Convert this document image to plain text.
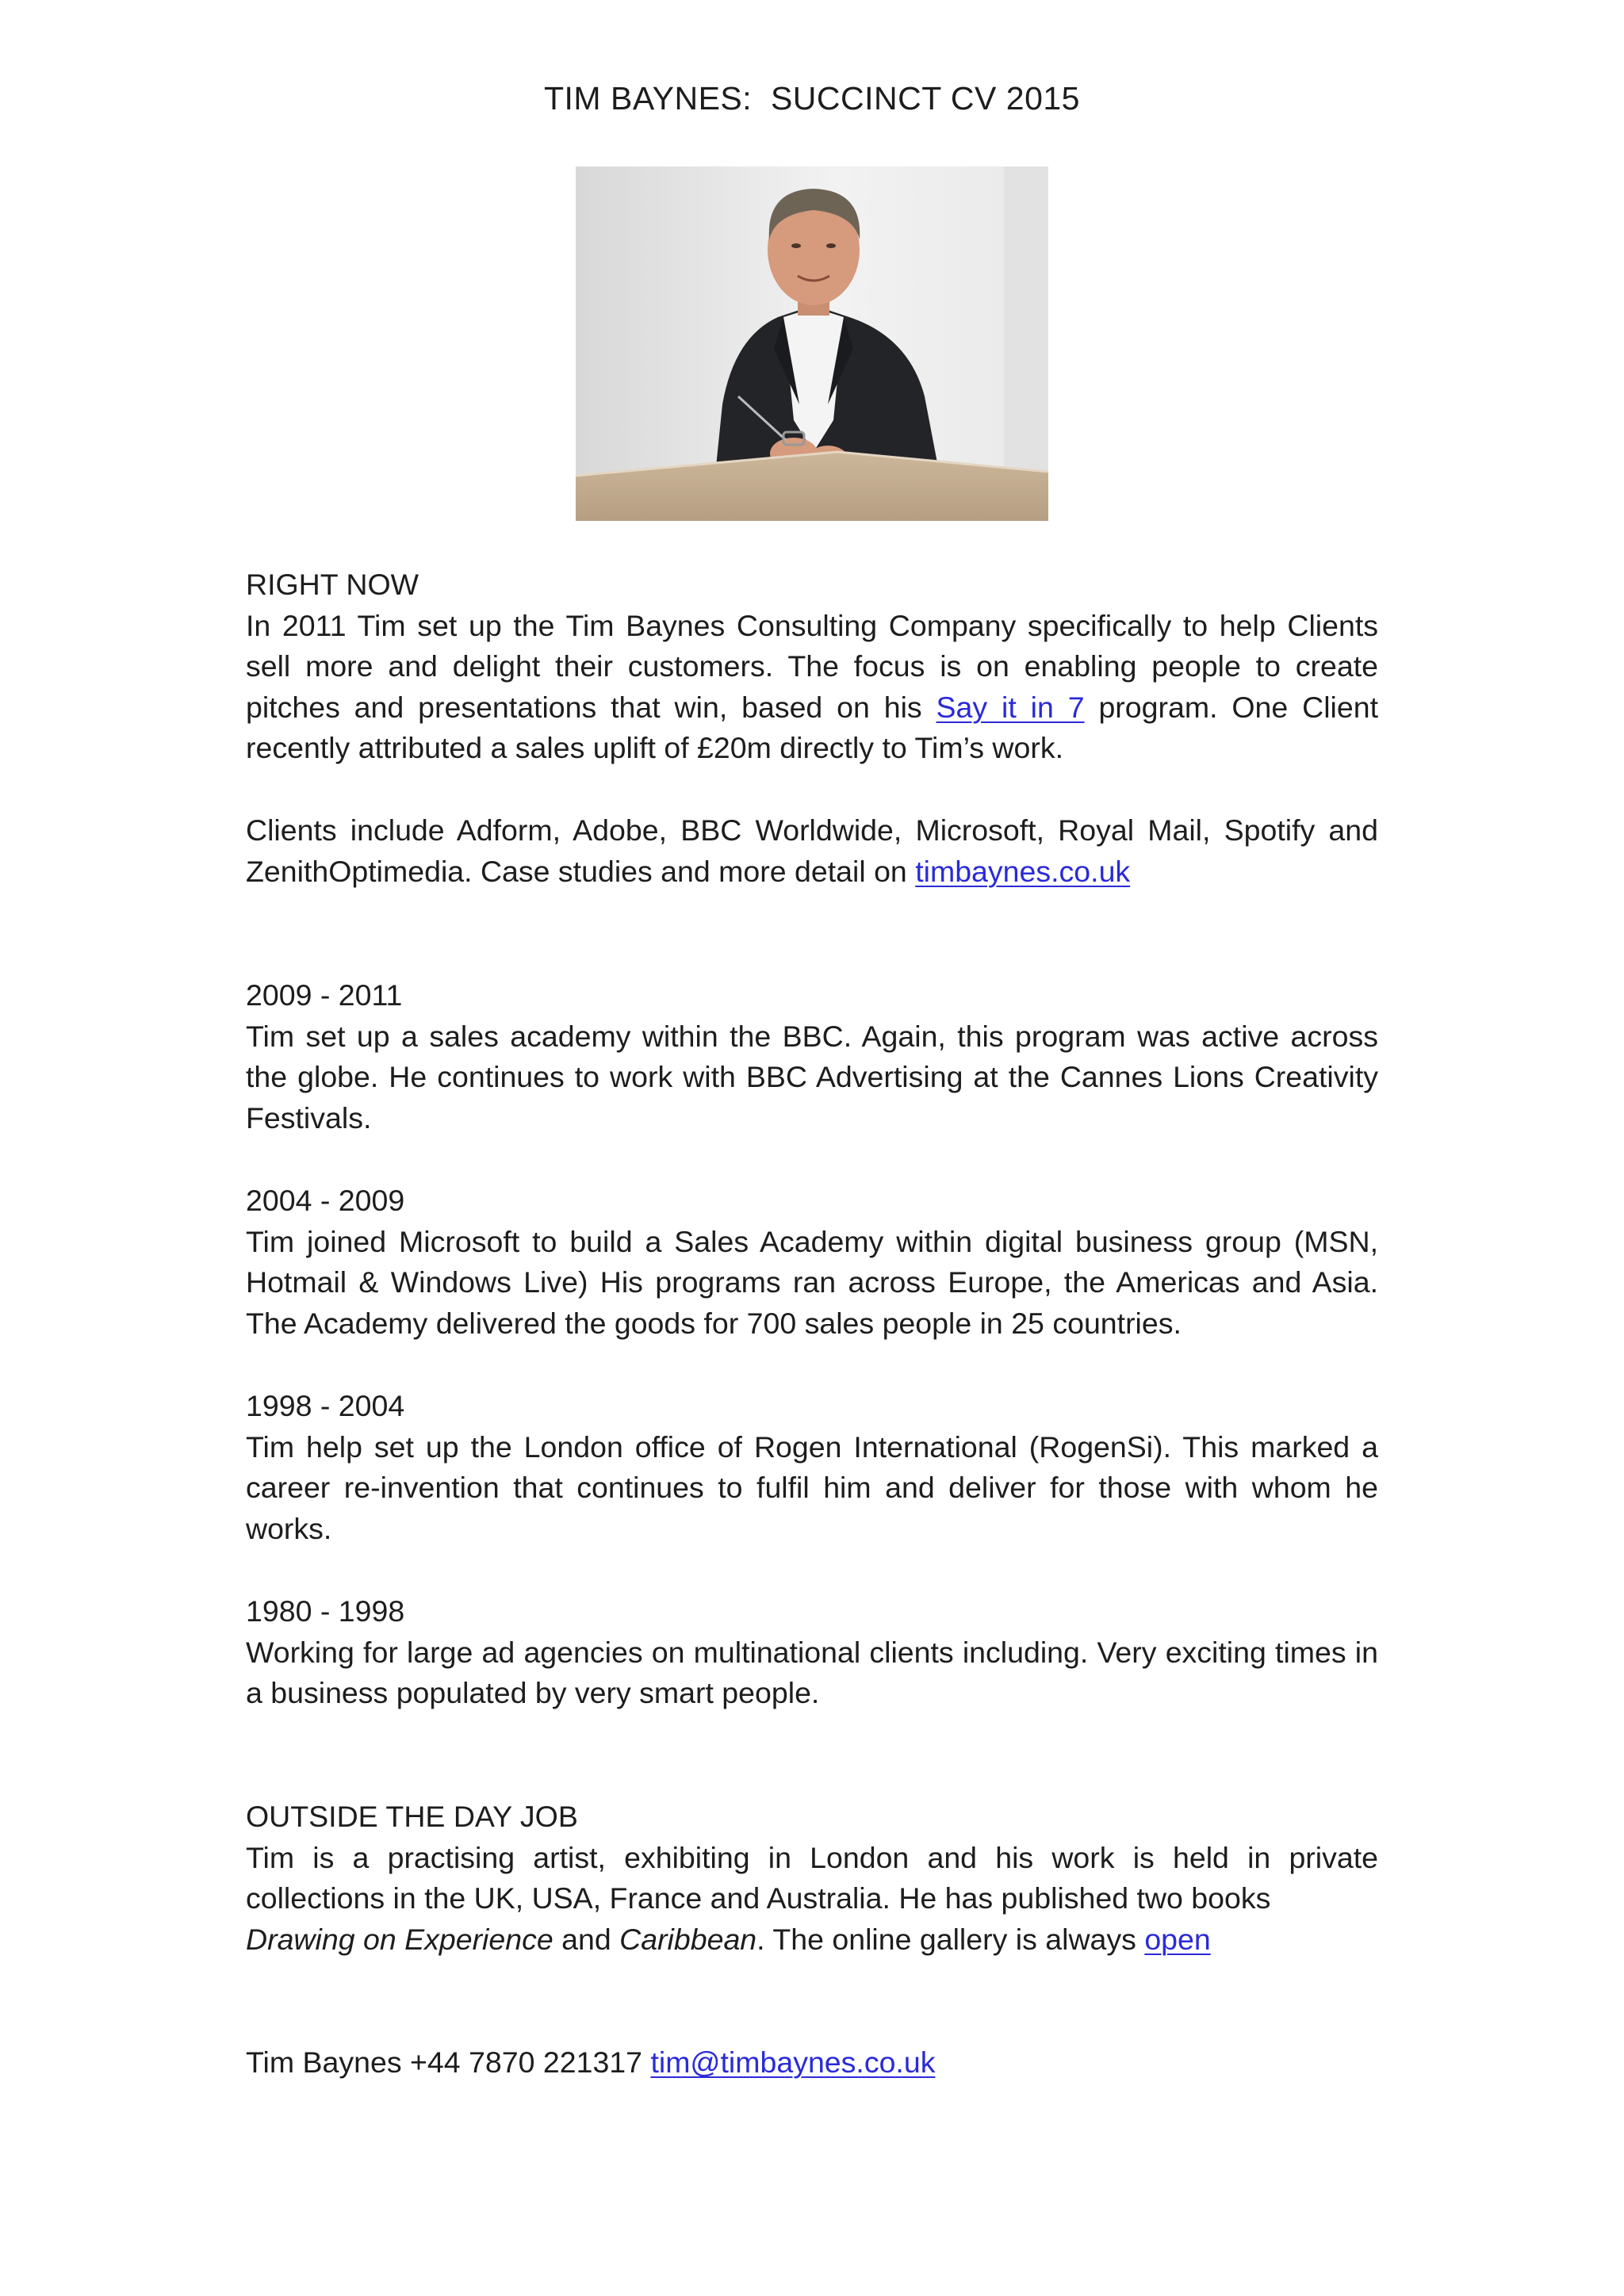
TIM BAYNES:  SUCCINCT CV 2015
RIGHT NOW

In 2011 Tim set up the Tim Baynes Consulting Company specifically to help Clients sell more and delight their customers. The focus is on enabling people to create pitches and presentations that win, based on his Say it in 7 program. One Client recently attributed a sales uplift of £20m directly to Tim’s work.

Clients include Adform, Adobe, BBC Worldwide, Microsoft, Royal Mail, Spotify and ZenithOptimedia. Case studies and more detail on timbaynes.co.uk

2009 - 2011

Tim set up a sales academy within the BBC. Again, this program was active across the globe. He continues to work with BBC Advertising at the Cannes Lions Creativity Festivals.

2004 - 2009

Tim joined Microsoft to build a Sales Academy within digital business group (MSN, Hotmail & Windows Live) His programs ran across Europe, the Americas and Asia. The Academy delivered the goods for 700 sales people in 25 countries.

1998 - 2004

Tim help set up the London office of Rogen International (RogenSi). This marked a career re-invention that continues to fulfil him and deliver for those with whom he works.

1980 - 1998

Working for large ad agencies on multinational clients including. Very exciting times in a business populated by very smart people.

OUTSIDE THE DAY JOB

Tim is a practising artist, exhibiting in London and his work is held in private collections in the UK, USA, France and Australia. He has published two books
Drawing on Experience and Caribbean. The online gallery is always open

Tim Baynes +44 7870 221317 tim@timbaynes.co.uk
